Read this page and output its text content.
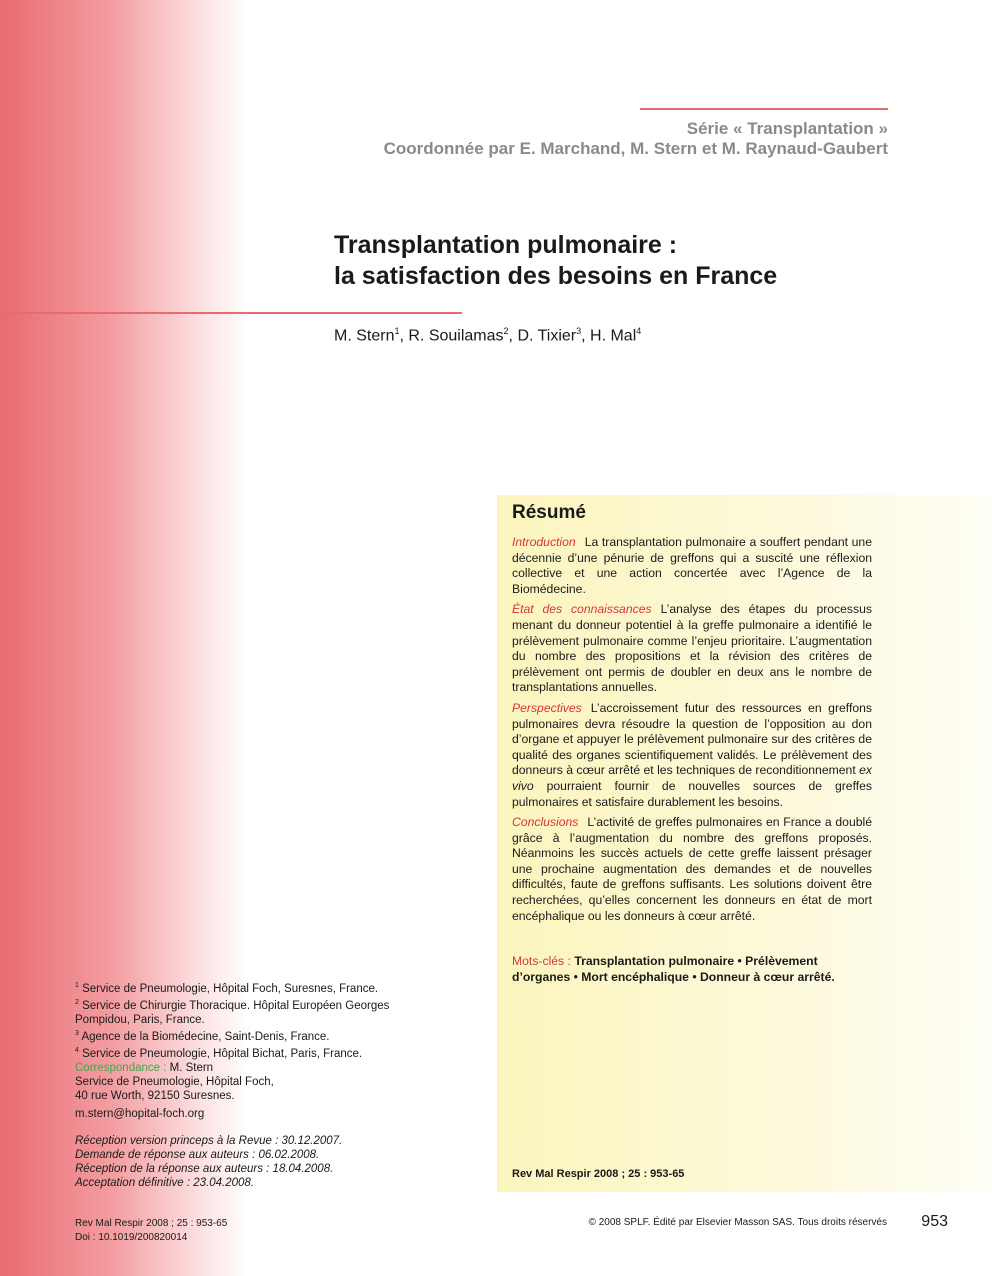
Série « Transplantation »
Coordonnée par E. Marchand, M. Stern et M. Raynaud-Gaubert
Transplantation pulmonaire :
la satisfaction des besoins en France
M. Stern$^1$, R. Souilamas$^2$, D. Tixier$^3$, H. Mal$^4$
Résumé

Introduction La transplantation pulmonaire a souffert pendant une décennie d’une pénurie de greffons qui a suscité une réflexion collective et une action concertée avec l’Agence de la Biomédecine.

État des connaissances L’analyse des étapes du processus menant du donneur potentiel à la greffe pulmonaire a identifié le prélèvement pulmonaire comme l’enjeu prioritaire. L’augmentation du nombre des propositions et la révision des critères de prélèvement ont permis de doubler en deux ans le nombre de transplantations annuelles.

Perspectives L’accroissement futur des ressources en greffons pulmonaires devra résoudre la question de l’opposition au don d’organe et appuyer le prélèvement pulmonaire sur des critères de qualité des organes scientifiquement validés. Le prélèvement des donneurs à cœur arrêté et les techniques de reconditionnement ex vivo pourraient fournir de nouvelles sources de greffes pulmonaires et satisfaire durablement les besoins.

Conclusions L’activité de greffes pulmonaires en France a doublé grâce à l’augmentation du nombre des greffons proposés. Néanmoins les succès actuels de cette greffe laissent présager une prochaine augmentation des demandes et de nouvelles difficultés, faute de greffons suffisants. Les solutions doivent être recherchées, qu’elles concernent les donneurs en état de mort encéphalique ou les donneurs à cœur arrêté.

Mots-clés : Transplantation pulmonaire • Prélèvement d’organes • Mort encéphalique • Donneur à cœur arrêté.
Rev Mal Respir 2008 ; 25 : 953-65
$^1$ Service de Pneumologie, Hôpital Foch, Suresnes, France.
$^2$ Service de Chirurgie Thoracique. Hôpital Européen Georges Pompidou, Paris, France.
$^3$ Agence de la Biomédecine, Saint-Denis, France.
$^4$ Service de Pneumologie, Hôpital Bichat, Paris, France.
Correspondance : M. Stern
Service de Pneumologie, Hôpital Foch,
40 rue Worth, 92150 Suresnes.
m.stern@hopital-foch.org
Réception version princeps à la Revue : 30.12.2007.
Demande de réponse aux auteurs : 06.02.2008.
Réception de la réponse aux auteurs : 18.04.2008.
Acceptation définitive : 23.04.2008.
Rev Mal Respir 2008 ; 25 : 953-65
Doi : 10.1019/200820014
© 2008 SPLF. Édité par Elsevier Masson SAS. Tous droits réservés 953
